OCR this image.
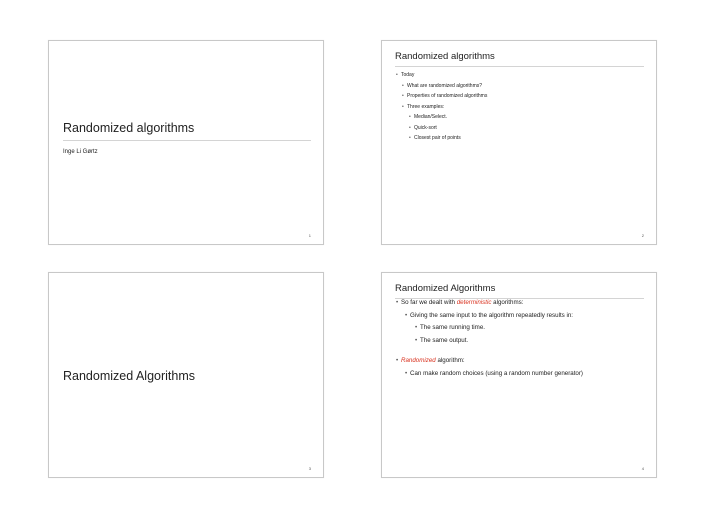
Randomized algorithms
Inge Li Gørtz
1
Randomized algorithms
• Today
• What are randomized algorithms?
• Properties of randomized algorithms
• Three examples:
• Median/Select.
• Quick-sort
• Closest pair of points
2
Randomized Algorithms
3
Randomized Algorithms
• So far we dealt with deterministic algorithms:
• Giving the same input to the algorithm repeatedly results in:
• The same running time.
• The same output.
• Randomized algorithm:
• Can make random choices (using a random number generator)
4
